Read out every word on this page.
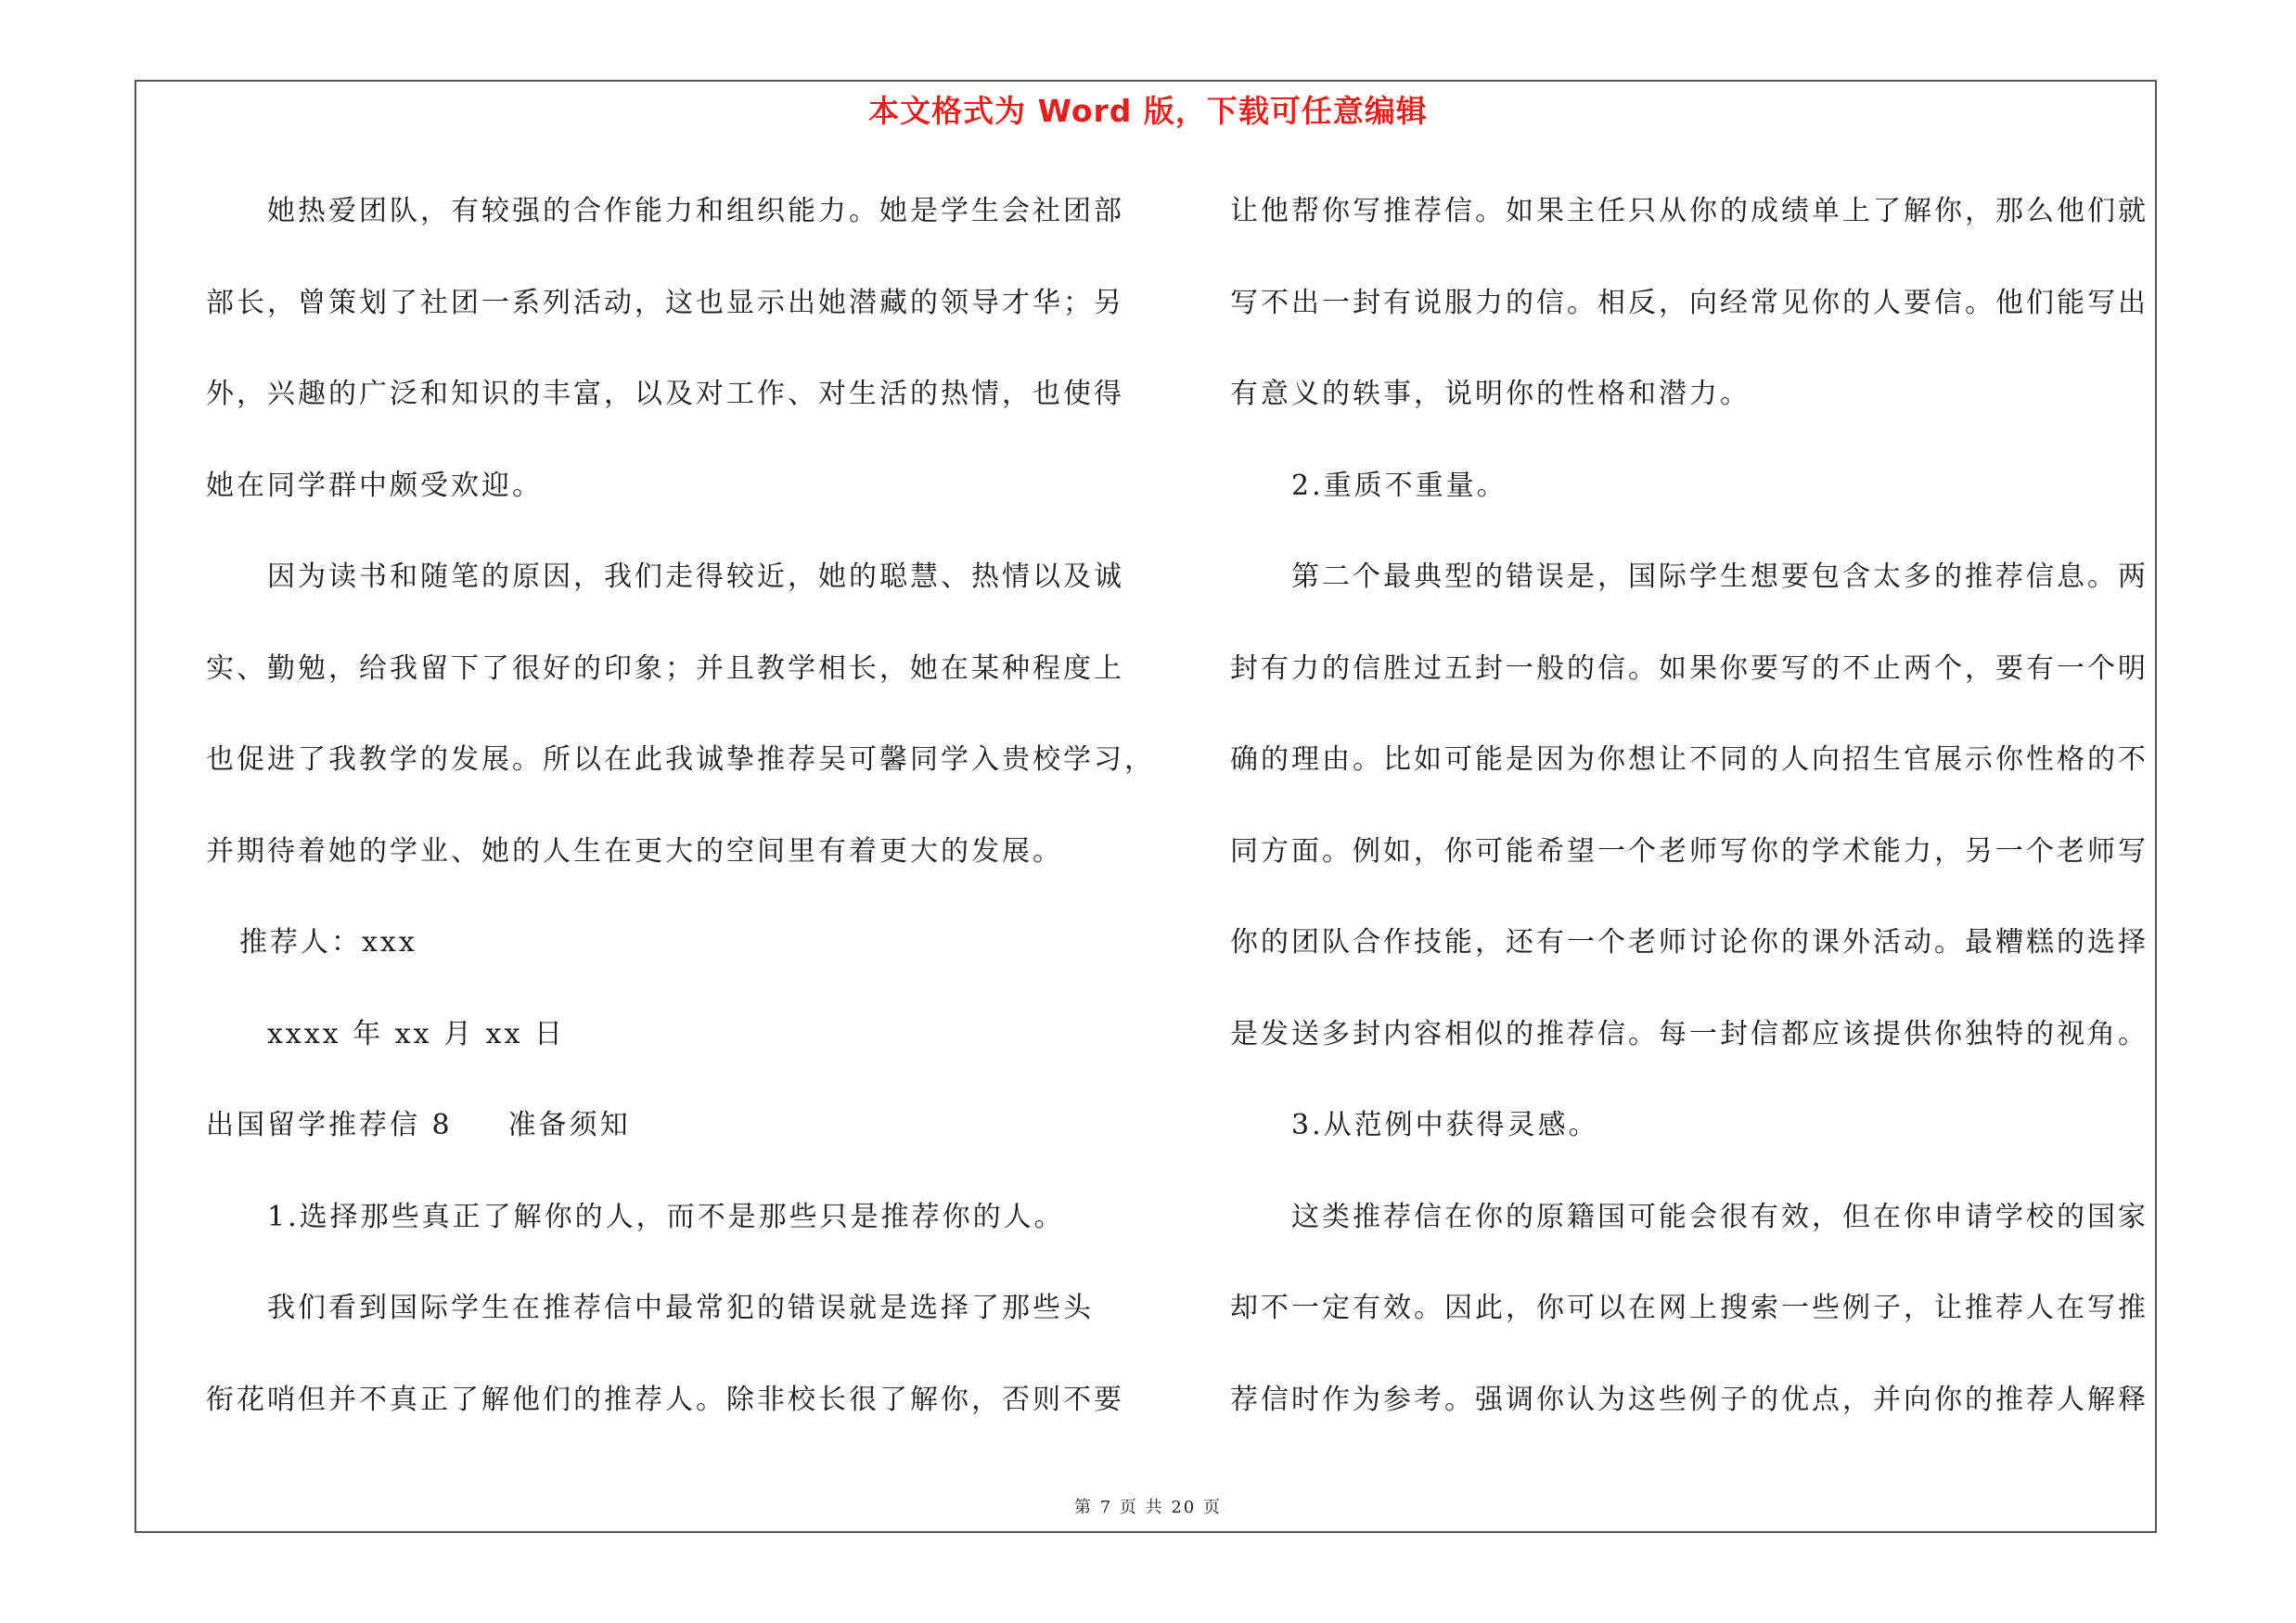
本文格式为 Word 版，下载可任意编辑
她热爱团队，有较强的合作能力和组织能力。她是学生会社团部
部长，曾策划了社团一系列活动，这也显示出她潜藏的领导才华；另
外，兴趣的广泛和知识的丰富，以及对工作、对生活的热情，也使得
她在同学群中颇受欢迎。
因为读书和随笔的原因，我们走得较近，她的聪慧、热情以及诚
实、勤勉，给我留下了很好的印象；并且教学相长，她在某种程度上
也促进了我教学的发展。所以在此我诚挚推荐吴可馨同学入贵校学习，
并期待着她的学业、她的人生在更大的空间里有着更大的发展。
推荐人：xxx
xxxx 年 xx 月 xx 日
出国留学推荐信 8 准备须知
1.选择那些真正了解你的人，而不是那些只是推荐你的人。
我们看到国际学生在推荐信中最常犯的错误就是选择了那些头
衔花哨但并不真正了解他们的推荐人。除非校长很了解你，否则不要
让他帮你写推荐信。如果主任只从你的成绩单上了解你，那么他们就
写不出一封有说服力的信。相反，向经常见你的人要信。他们能写出
有意义的轶事，说明你的性格和潜力。
2.重质不重量。
第二个最典型的错误是，国际学生想要包含太多的推荐信息。两
封有力的信胜过五封一般的信。如果你要写的不止两个，要有一个明
确的理由。比如可能是因为你想让不同的人向招生官展示你性格的不
同方面。例如，你可能希望一个老师写你的学术能力，另一个老师写
你的团队合作技能，还有一个老师讨论你的课外活动。最糟糕的选择
是发送多封内容相似的推荐信。每一封信都应该提供你独特的视角。
3.从范例中获得灵感。
这类推荐信在你的原籍国可能会很有效，但在你申请学校的国家
却不一定有效。因此，你可以在网上搜索一些例子，让推荐人在写推
荐信时作为参考。强调你认为这些例子的优点，并向你的推荐人解释
第 7 页 共 20 页
